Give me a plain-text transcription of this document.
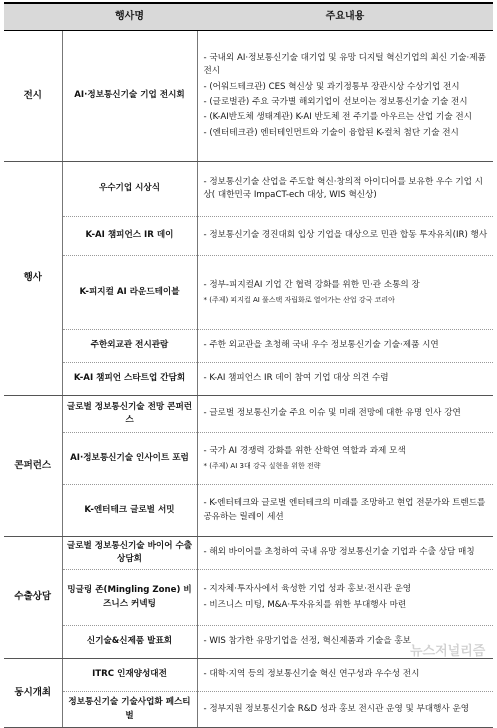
	행사명	주요내용
전시	AI·정보통신기술 기업 전시회	- 국내외 AI·정보통신기술 대기업 및 유망 디지털 혁신기업의 최신 기술·제품 전시
- (어워드테크관) CES 혁신상 및 과기정통부 장관시상 수상기업 전시
- (글로벌관) 주요 국가별 해외기업이 선보이는 정보통신기술 기술 전시
- (K-AI반도체 생태계관) K-AI 반도체 전 주기를 아우르는 산업 기술 전시
- (엔터테크관) 엔터테인먼트와 기술이 융합된 K-컬처 첨단 기술 전시

행사	우수기업 시상식	- 정보통신기술 산업을 주도할 혁신·창의적 아이디어를 보유한 우수 기업 시상( 대한민국 ImpaCT-ech 대상, WIS 혁신상)

	K-AI 챔피언스 IR 데이	- 정보통신기술 경진대회 입상 기업을 대상으로 민관 합동 투자유치(IR) 행사

	K-피지컬 AI 라운드테이블	- 정부-피지컬AI 기업 간 협력 강화를 위한 민·관 소통의 장
* (주제) 피지컬 AI 풀스택 자립화로 열어가는 산업 강국 코리아

	주한외교관 전시관람	- 주한 외교관을 초청해 국내 우수 정보통신기술 기술·제품 시연

	K-AI 챔피언 스타트업 간담회	- K-AI 챔피언스 IR 데이 참여 기업 대상 의견 수렴

콘퍼런스	글로벌 정보통신기술 전망 콘퍼런스	- 글로벌 정보통신기술 주요 이슈 및 미래 전망에 대한 유명 인사 강연

	AI·정보통신기술 인사이트 포럼	- 국가 AI 경쟁력 강화를 위한 산학연 역할과 과제 모색
* (주제) AI 3대 강국 실현을 위한 전략

	K-엔터테크 글로벌 서밋	- K-엔터테크와 글로벌 엔터테크의 미래를 조망하고 현업 전문가와 트렌드를 공유하는 릴레이 세션

수출상담	글로벌 정보통신기술 바이어 수출상담회	- 해외 바이어를 초청하여 국내 유망 정보통신기술 기업과 수출 상담 매칭

	밍글링 존(Mingling Zone) 비즈니스 커넥팅	- 지자체·투자사에서 육성한 기업 성과 홍보·전시관 운영
- 비즈니스 미팅, M&A·투자유치를 위한 부대행사 마련

	신기술&신제품 발표회	- WIS 참가한 유망기업을 선정, 혁신제품과 기술을 홍보

동시개최	ITRC 인재양성대전	- 대학·지역 등의 정보통신기술 혁신 연구성과 우수성 전시

	정보통신기술 기술사업화 페스티벌	- 정부지원 정보통신기술 R&D 성과 홍보 전시관 운영 및 부대행사 운영
뉴스저널리즘
